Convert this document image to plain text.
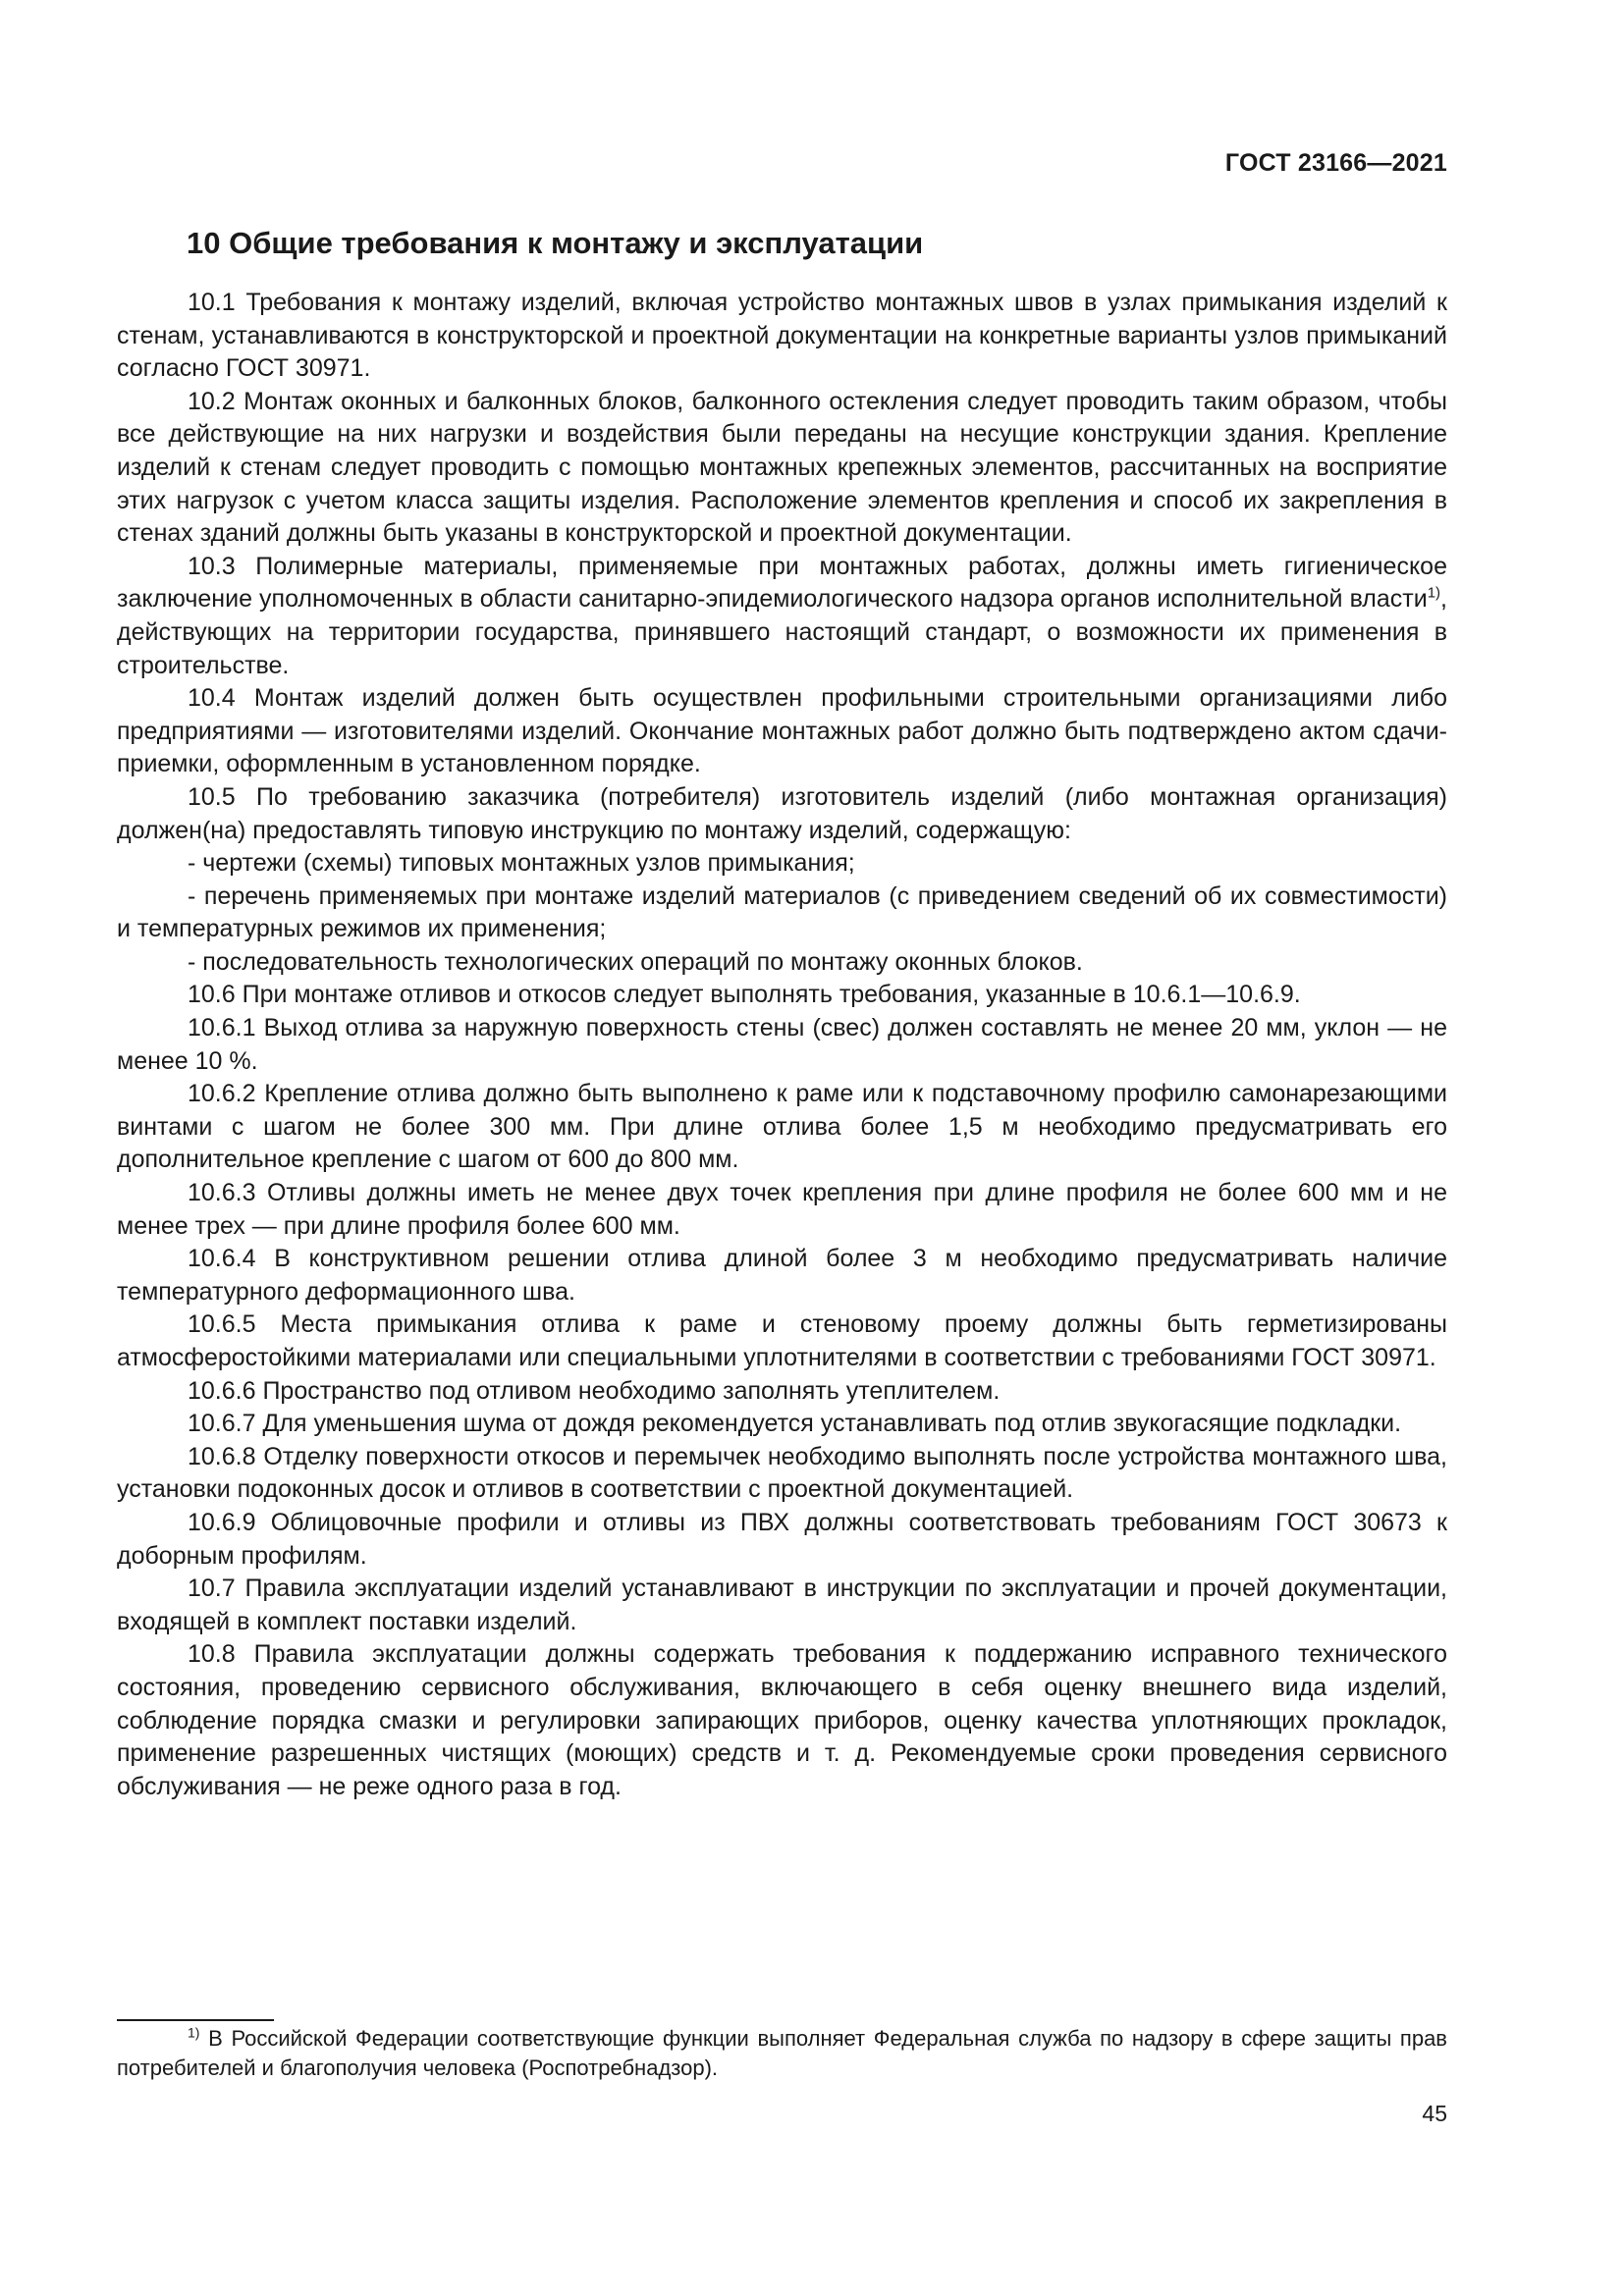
ГОСТ 23166—2021
10 Общие требования к монтажу и эксплуатации

10.1 Требования к монтажу изделий, включая устройство монтажных швов в узлах примыкания изделий к стенам, устанавливаются в конструкторской и проектной документации на конкретные варианты узлов примыканий согласно ГОСТ 30971.

10.2 Монтаж оконных и балконных блоков, балконного остекления следует проводить таким образом, чтобы все действующие на них нагрузки и воздействия были переданы на несущие конструкции здания. Крепление изделий к стенам следует проводить с помощью монтажных крепежных элементов, рассчитанных на восприятие этих нагрузок с учетом класса защиты изделия. Расположение элементов крепления и способ их закрепления в стенах зданий должны быть указаны в конструкторской и проектной документации.

10.3 Полимерные материалы, применяемые при монтажных работах, должны иметь гигиеническое заключение уполномоченных в области санитарно-эпидемиологического надзора органов исполнительной власти$^{1)}$, действующих на территории государства, принявшего настоящий стандарт, о возможности их применения в строительстве.

10.4 Монтаж изделий должен быть осуществлен профильными строительными организациями либо предприятиями — изготовителями изделий. Окончание монтажных работ должно быть подтверждено актом сдачи-приемки, оформленным в установленном порядке.

10.5 По требованию заказчика (потребителя) изготовитель изделий (либо монтажная организация) должен(на) предоставлять типовую инструкцию по монтажу изделий, содержащую:

- чертежи (схемы) типовых монтажных узлов примыкания;

- перечень применяемых при монтаже изделий материалов (с приведением сведений об их совместимости) и температурных режимов их применения;

- последовательность технологических операций по монтажу оконных блоков.

10.6 При монтаже отливов и откосов следует выполнять требования, указанные в 10.6.1—10.6.9.

10.6.1 Выход отлива за наружную поверхность стены (свес) должен составлять не менее 20 мм, уклон — не менее 10 %.

10.6.2 Крепление отлива должно быть выполнено к раме или к подставочному профилю самонарезающими винтами с шагом не более 300 мм. При длине отлива более 1,5 м необходимо предусматривать его дополнительное крепление с шагом от 600 до 800 мм.

10.6.3 Отливы должны иметь не менее двух точек крепления при длине профиля не более 600 мм и не менее трех — при длине профиля более 600 мм.

10.6.4 В конструктивном решении отлива длиной более 3 м необходимо предусматривать наличие температурного деформационного шва.

10.6.5 Места примыкания отлива к раме и стеновому проему должны быть герметизированы атмосферостойкими материалами или специальными уплотнителями в соответствии с требованиями ГОСТ 30971.

10.6.6 Пространство под отливом необходимо заполнять утеплителем.

10.6.7 Для уменьшения шума от дождя рекомендуется устанавливать под отлив звукогасящие подкладки.

10.6.8 Отделку поверхности откосов и перемычек необходимо выполнять после устройства монтажного шва, установки подоконных досок и отливов в соответствии с проектной документацией.

10.6.9 Облицовочные профили и отливы из ПВХ должны соответствовать требованиям ГОСТ 30673 к доборным профилям.

10.7 Правила эксплуатации изделий устанавливают в инструкции по эксплуатации и прочей документации, входящей в комплект поставки изделий.

10.8 Правила эксплуатации должны содержать требования к поддержанию исправного технического состояния, проведению сервисного обслуживания, включающего в себя оценку внешнего вида изделий, соблюдение порядка смазки и регулировки запирающих приборов, оценку качества уплотняющих прокладок, применение разрешенных чистящих (моющих) средств и т. д. Рекомендуемые сроки проведения сервисного обслуживания — не реже одного раза в год.

$^{1)}$ В Российской Федерации соответствующие функции выполняет Федеральная служба по надзору в сфере защиты прав потребителей и благополучия человека (Роспотребнадзор).

45
